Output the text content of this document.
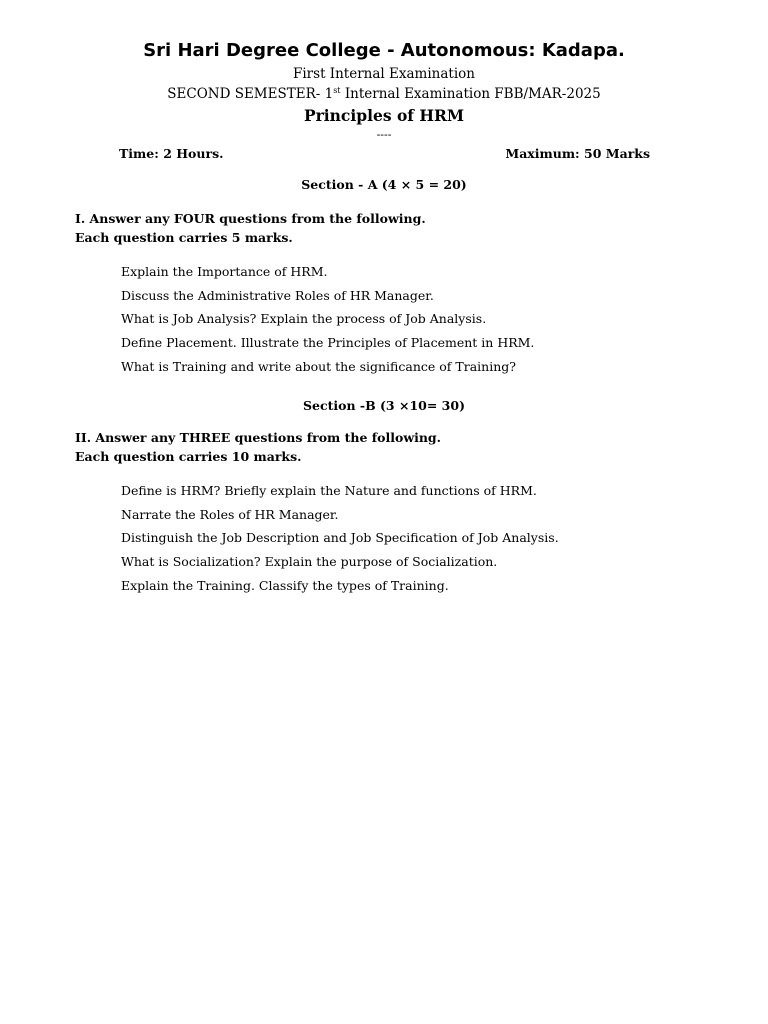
Sri Hari Degree College - Autonomous: Kadapa.
First Internal Examination
SECOND SEMESTER- 1st Internal Examination FBB/MAR-2025
Principles of HRM
----
Time: 2 Hours.	Maximum: 50 Marks
Section - A (4 × 5 = 20)
I. Answer any FOUR questions from the following.
Each question carries 5 marks.
Explain the Importance of HRM.
Discuss the Administrative Roles of HR Manager.
What is Job Analysis? Explain the process of Job Analysis.
Define Placement. Illustrate the Principles of Placement in HRM.
What is Training and write about the significance of Training?
Section -B (3 ×10= 30)
II. Answer any THREE questions from the following.
Each question carries 10 marks.
Define is HRM? Briefly explain the Nature and functions of HRM.
Narrate the Roles of HR Manager.
Distinguish the Job Description and Job Specification of Job Analysis.
What is Socialization? Explain the purpose of Socialization.
Explain the Training. Classify the types of Training.
